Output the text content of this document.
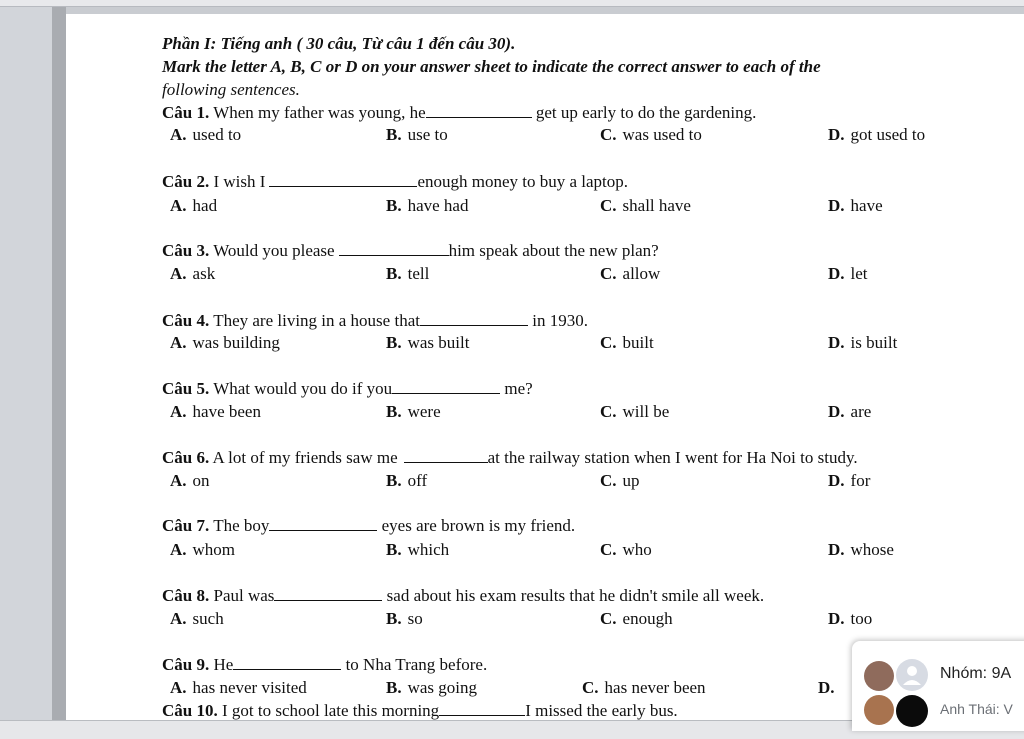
Phần I: Tiếng anh ( 30 câu, Từ câu 1 đến câu 30).
Mark the letter A, B, C or D on your answer sheet to indicate the correct answer to each of the
following sentences.
Câu 1. When my father was young, he	get up early to do the gardening.
A. used to	B. use to	C. was used to	D. got used to
Câu 2. I wish I	enough money to buy a laptop.
A. had	B. have had	C. shall have	D. have
Câu 3. Would you please	him speak about the new plan?
A. ask	B. tell	C. allow	D. let
Câu 4. They are living in a house that	in 1930.
A. was building	B. was built	C. built	D. is built
Câu 5. What would you do if you	me?
A. have been	B. were	C. will be	D. are
Câu 6. A lot of my friends saw me	at the railway station when I went for Ha Noi to study.
A. on	B. off	C. up	D. for
Câu 7. The boy	eyes are brown is my friend.
A. whom	B. which	C. who	D. whose
Câu 8. Paul was	sad about his exam results that he didn't smile all week.
A. such	B. so	C. enough	D. too
Câu 9. He	to Nha Trang before.
A. has never visited	B. was going	C. has never been	D.
Câu 10. I got to school late this morning	I missed the early bus.
Nhóm: 9A
Anh Thái: V
